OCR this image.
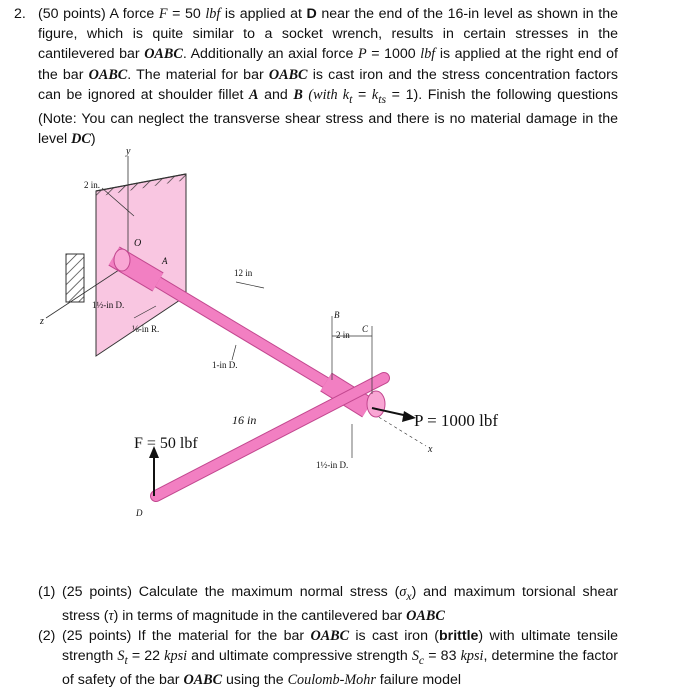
2. (50 points) A force F = 50 lbf is applied at D near the end of the 16-in level as shown in the figure, which is quite similar to a socket wrench, results in certain stresses in the cantilevered bar OABC. Additionally an axial force P = 1000 lbf is applied at the right end of the bar OABC. The material for bar OABC is cast iron and the stress concentration factors can be ignored at shoulder fillet A and B (with $k_t = k_{ts} = 1$). Finish the following questions (Note: You can neglect the transverse shear stress and there is no material damage in the level DC)
y
z
x
2 in.
O
A
12 in
1½-in D.
⅛-in R.
1-in D.
B
2 in
C
16 in
1½-in D.
D
F = 50 lbf
P = 1000 lbf
(1) (25 points) Calculate the maximum normal stress $(\sigma_x)$ and maximum torsional shear stress (τ) in terms of magnitude in the cantilevered bar OABC
(2) (25 points) If the material for the bar OABC is cast iron (brittle) with ultimate tensile strength $S_t = 22$ kpsi and ultimate compressive strength $S_c = 83$ kpsi, determine the factor of safety of the bar OABC using the Coulomb-Mohr failure model
